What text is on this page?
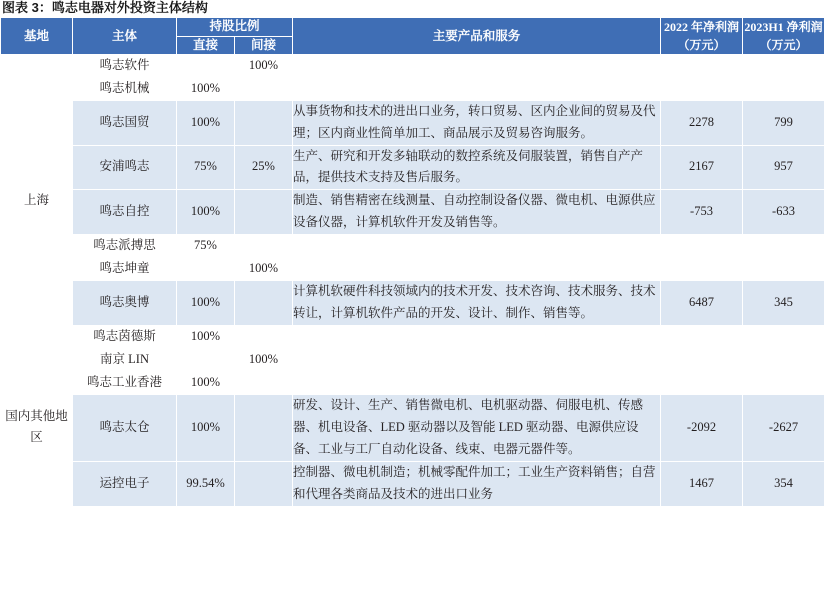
图表 3：鸣志电器对外投资主体结构
基地	主体	持股比例		主要产品和服务	2022 年净利润（万元）	2023H1 净利润（万元）
		直接	间接			
上海	鸣志软件		100%			
	鸣志机械	100%				
	鸣志国贸	100%		从事货物和技术的进出口业务，转口贸易、区内企业间的贸易及代理；区内商业性简单加工、商品展示及贸易咨询服务。	2278	799
	安浦鸣志	75%	25%	生产、研究和开发多轴联动的数控系统及伺服装置，销售自产产品，提供技术支持及售后服务。	2167	957
	鸣志自控	100%		制造、销售精密在线测量、自动控制设备仪器、微电机、电源供应设备仪器，计算机软件开发及销售等。	-753	-633
	鸣志派搏思	75%				
	鸣志坤童		100%			
	鸣志奥博	100%		计算机软硬件科技领域内的技术开发、技术咨询、技术服务、技术转让，计算机软件产品的开发、设计、制作、销售等。	6487	345
	鸣志茵德斯	100%				
国内其他地区	南京 LIN		100%			
	鸣志工业香港	100%				
	鸣志太仓	100%		研发、设计、生产、销售微电机、电机驱动器、伺服电机、传感器、机电设备、LED 驱动器以及智能 LED 驱动器、电源供应设备、工业与工厂自动化设备、线束、电器元器件等。	-2092	-2627
	运控电子	99.54%		控制器、微电机制造；机械零配件加工；工业生产资料销售；自营和代理各类商品及技术的进出口业务	1467	354
